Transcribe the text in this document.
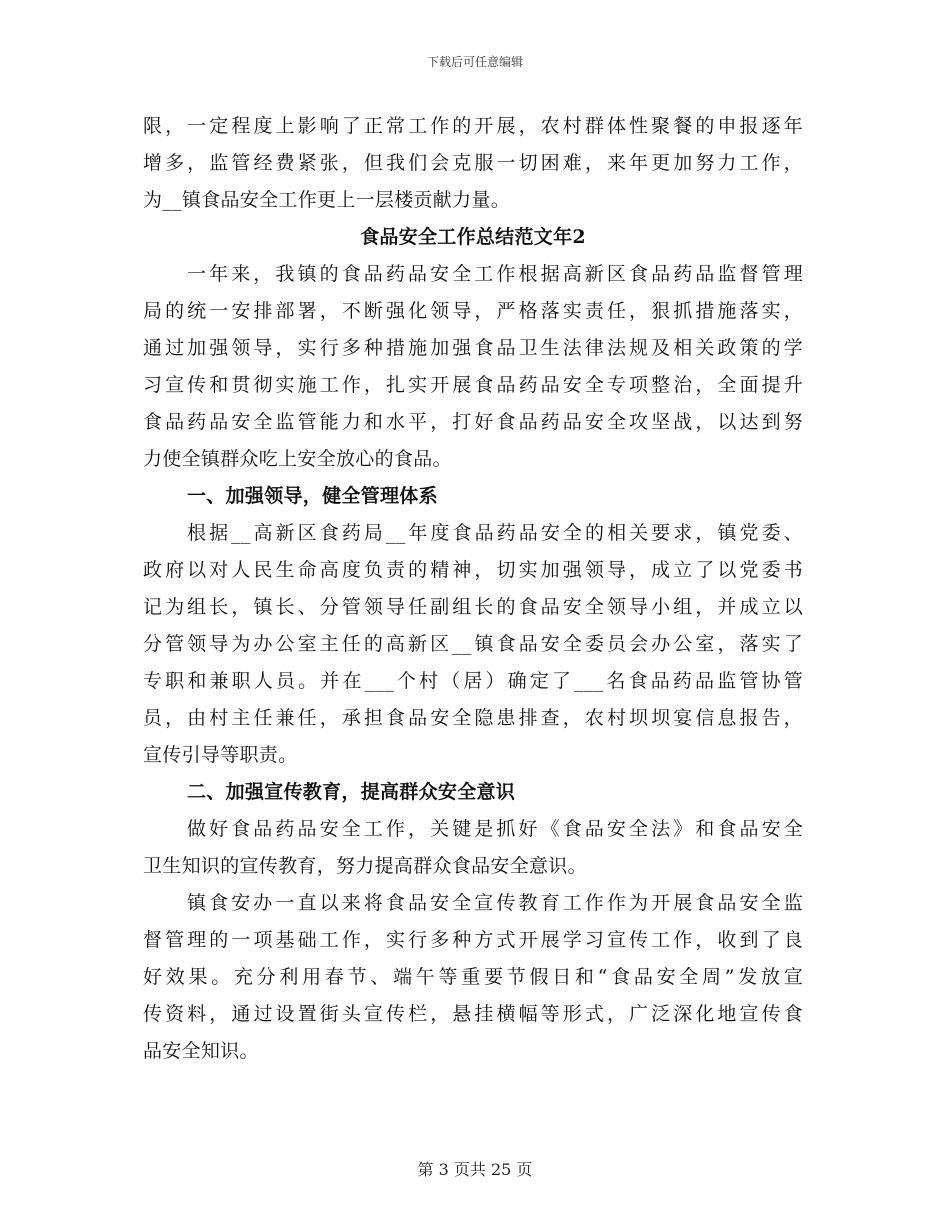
下载后可任意编辑
限，一定程度上影响了正常工作的开展，农村群体性聚餐的申报逐年
增多，监管经费紧张，但我们会克服一切困难，来年更加努力工作，
为__镇食品安全工作更上一层楼贡献力量。
食品安全工作总结范文年2
一年来，我镇的食品药品安全工作根据高新区食品药品监督管理
局的统一安排部署，不断强化领导，严格落实责任，狠抓措施落实，
通过加强领导，实行多种措施加强食品卫生法律法规及相关政策的学
习宣传和贯彻实施工作，扎实开展食品药品安全专项整治，全面提升
食品药品安全监管能力和水平，打好食品药品安全攻坚战，以达到努
力使全镇群众吃上安全放心的食品。
一、加强领导，健全管理体系
根据__高新区食药局__年度食品药品安全的相关要求，镇党委、
政府以对人民生命高度负责的精神，切实加强领导，成立了以党委书
记为组长，镇长、分管领导任副组长的食品安全领导小组，并成立以
分管领导为办公室主任的高新区__镇食品安全委员会办公室，落实了
专职和兼职人员。并在___个村（居）确定了___名食品药品监管协管
员，由村主任兼任，承担食品安全隐患排查，农村坝坝宴信息报告，
宣传引导等职责。
二、加强宣传教育，提高群众安全意识
做好食品药品安全工作，关键是抓好《食品安全法》和食品安全
卫生知识的宣传教育，努力提高群众食品安全意识。
镇食安办一直以来将食品安全宣传教育工作作为开展食品安全监
督管理的一项基础工作，实行多种方式开展学习宣传工作，收到了良
好效果。充分利用春节、端午等重要节假日和“食品安全周”发放宣
传资料，通过设置街头宣传栏，悬挂横幅等形式，广泛深化地宣传食
品安全知识。
第 3 页共 25 页
